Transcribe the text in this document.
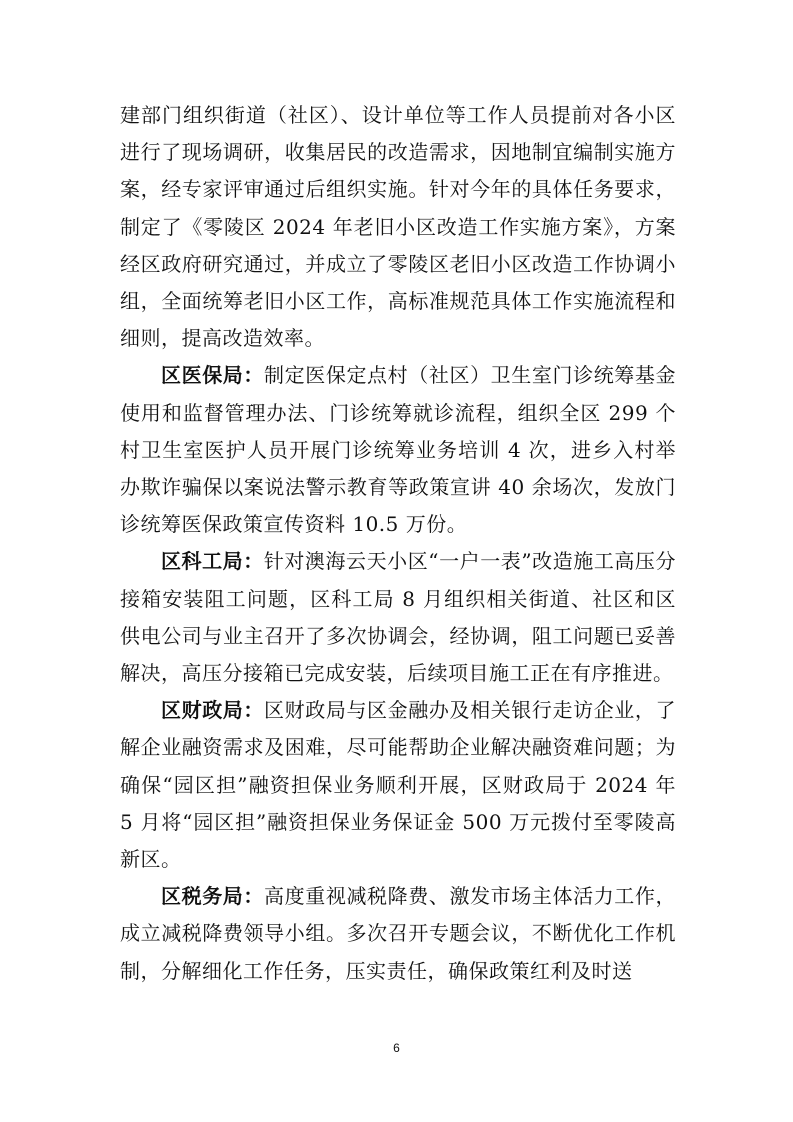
建部门组织街道（社区）、设计单位等工作人员提前对各小区进行了现场调研，收集居民的改造需求，因地制宜编制实施方案，经专家评审通过后组织实施。针对今年的具体任务要求，制定了《零陵区 2024 年老旧小区改造工作实施方案》，方案经区政府研究通过，并成立了零陵区老旧小区改造工作协调小组，全面统筹老旧小区工作，高标准规范具体工作实施流程和细则，提高改造效率。

区医保局：制定医保定点村（社区）卫生室门诊统筹基金使用和监督管理办法、门诊统筹就诊流程，组织全区 299 个村卫生室医护人员开展门诊统筹业务培训 4 次，进乡入村举办欺诈骗保以案说法警示教育等政策宣讲 40 余场次，发放门诊统筹医保政策宣传资料 10.5 万份。

区科工局：针对澳海云天小区“一户一表”改造施工高压分接箱安装阻工问题，区科工局 8 月组织相关街道、社区和区供电公司与业主召开了多次协调会，经协调，阻工问题已妥善解决，高压分接箱已完成安装，后续项目施工正在有序推进。

区财政局：区财政局与区金融办及相关银行走访企业，了解企业融资需求及困难，尽可能帮助企业解决融资难问题；为确保“园区担”融资担保业务顺利开展，区财政局于 2024 年 5 月将“园区担”融资担保业务保证金 500 万元拨付至零陵高新区。

区税务局：高度重视减税降费、激发市场主体活力工作，成立减税降费领导小组。多次召开专题会议，不断优化工作机制，分解细化工作任务，压实责任，确保政策红利及时送

6
